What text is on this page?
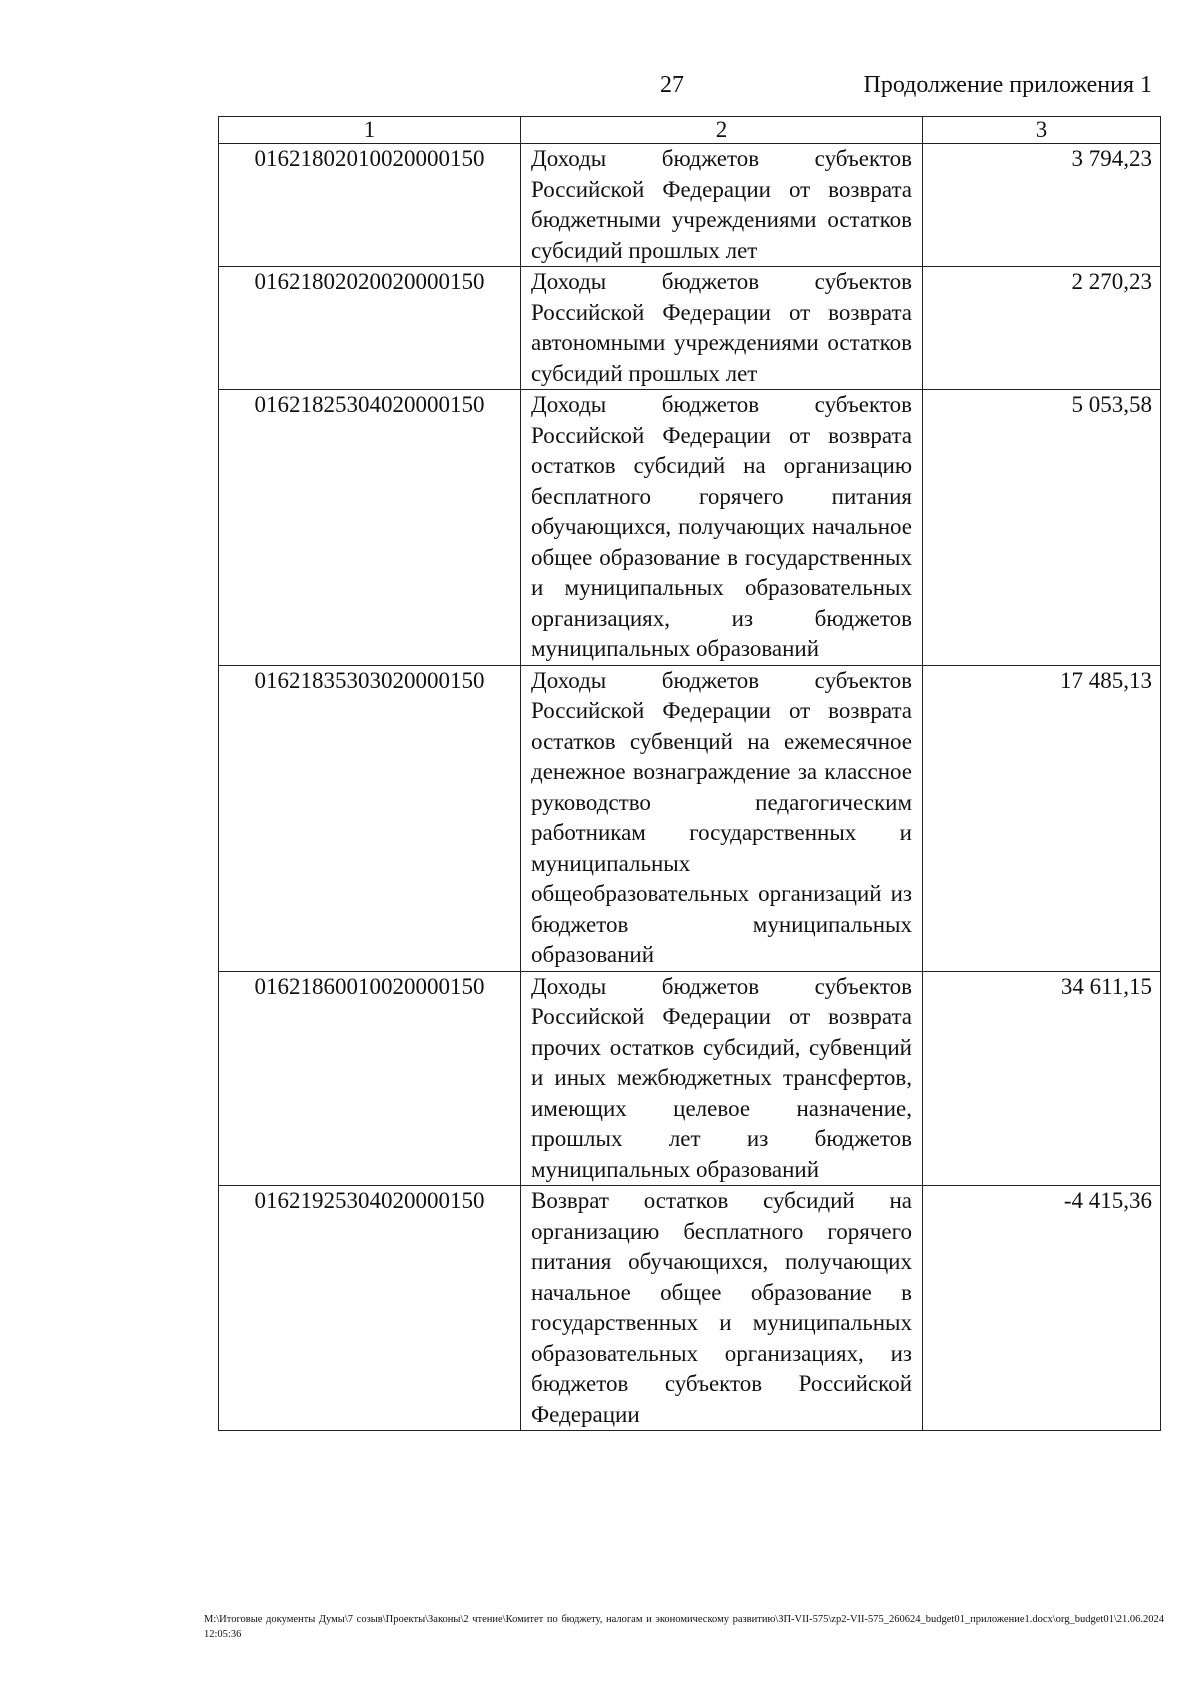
27	Продолжение приложения 1
1	2	3
01621802010020000150	Доходы бюджетов субъектов Российской Федерации от возврата бюджетными учреждениями остатков субсидий прошлых лет	3 794,23
01621802020020000150	Доходы бюджетов субъектов Российской Федерации от возврата автономными учреждениями остатков субсидий прошлых лет	2 270,23
01621825304020000150	Доходы бюджетов субъектов Российской Федерации от возврата остатков субсидий на организацию бесплатного горячего питания обучающихся, получающих начальное общее образование в государственных и муниципальных образовательных организациях, из бюджетов муниципальных образований	5 053,58
01621835303020000150	Доходы бюджетов субъектов Российской Федерации от возврата остатков субвенций на ежемесячное денежное вознаграждение за классное руководство педагогическим работникам государственных и муниципальных общеобразовательных организаций из бюджетов муниципальных образований	17 485,13
01621860010020000150	Доходы бюджетов субъектов Российской Федерации от возврата прочих остатков субсидий, субвенций и иных межбюджетных трансфертов, имеющих целевое назначение, прошлых лет из бюджетов муниципальных образований	34 611,15
01621925304020000150	Возврат остатков субсидий на организацию бесплатного горячего питания обучающихся, получающих начальное общее образование в государственных и муниципальных образовательных организациях, из бюджетов субъектов Российской Федерации	-4 415,36
M:\Итоговые документы Думы\7 созыв\Проекты\Законы\2 чтение\Комитет по бюджету, налогам и экономическому развитию\ЗП-VII-575\zp2-VII-575_260624_budget01_приложение1.docx\org_budget01\21.06.2024 12:05:36
